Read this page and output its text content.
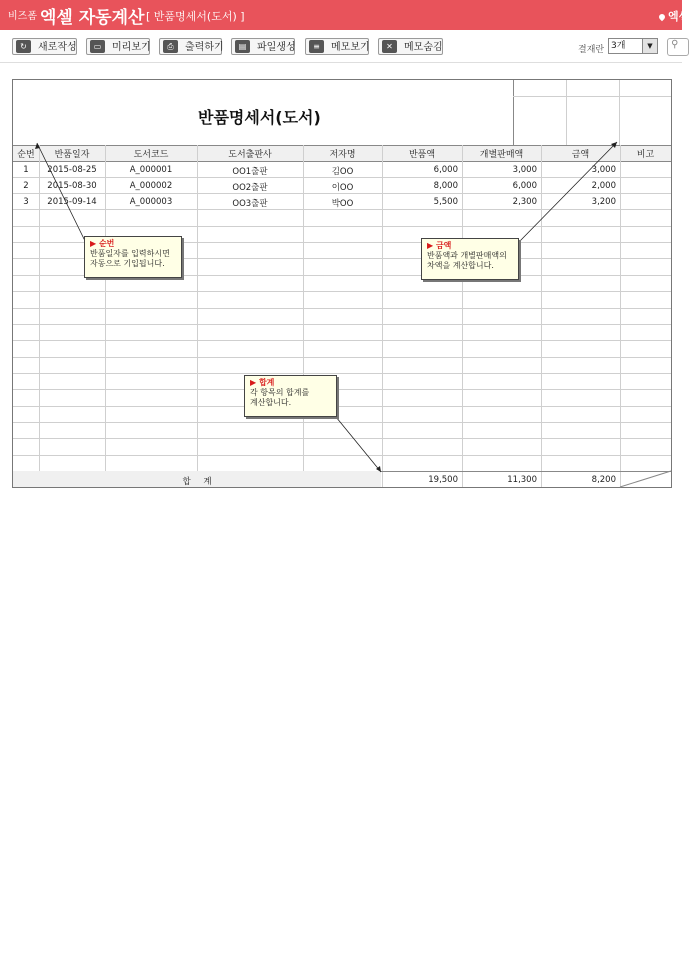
비즈폼 엑셀 자동계산 [ 반품명세서(도서) ]	엑셀
↻	새로작성	▭	미리보기	⎙	출력하기	▤	파일생성	≡	메모보기	✕	메모숨김	결재란 3개	▼	⚲
반품명세서(도서)
순번	반품일자	도서코드	도서출판사	저자명	반품액	개별판매액	금액	비고
1	2015-08-25	A_000001	OO1출판	김OO	6,000	3,000	3,000
2	2015-08-30	A_000002	OO2출판	이OO	8,000	6,000	2,000
3	2015-09-14	A_000003	OO3출판	박OO	5,500	2,300	3,200
합 계	19,500	11,300	8,200
▶ 순번
반품일자를 입력하시면
자동으로 기입됩니다.
▶ 금액
반품액과 개별판매액의
차액을 계산합니다.
▶ 합계
각 항목의 합계를
계산합니다.
